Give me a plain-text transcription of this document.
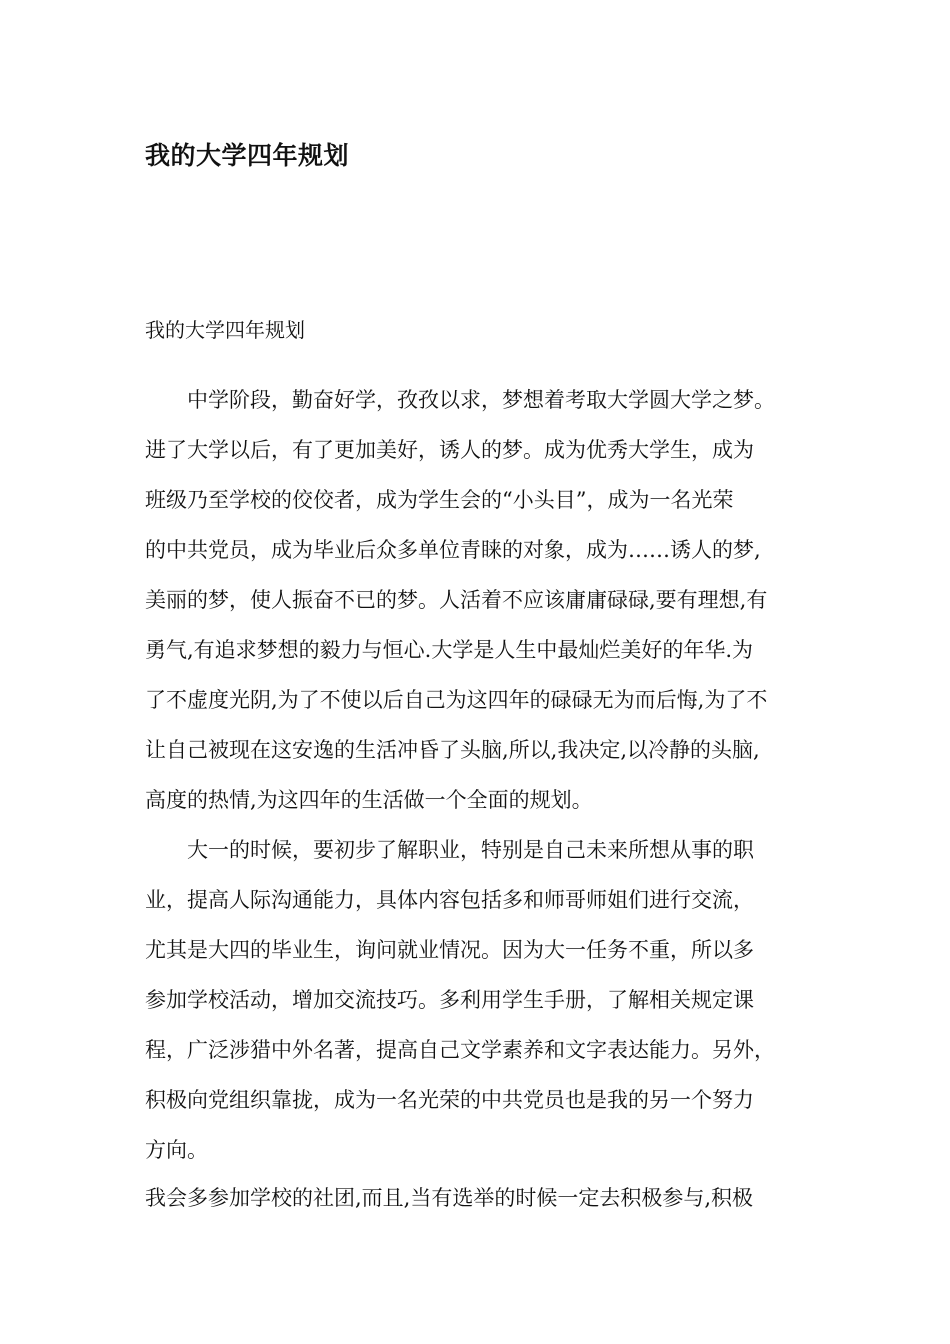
我的大学四年规划
我的大学四年规划
　　中学阶段，勤奋好学，孜孜以求，梦想着考取大学圆大学之梦。
进了大学以后，有了更加美好，诱人的梦。成为优秀大学生，成为
班级乃至学校的佼佼者，成为学生会的“小头目”，成为一名光荣
的中共党员，成为毕业后众多单位青睐的对象，成为……诱人的梦,
美丽的梦，使人振奋不已的梦。人活着不应该庸庸碌碌,要有理想,有
勇气,有追求梦想的毅力与恒心.大学是人生中最灿烂美好的年华.为
了不虚度光阴,为了不使以后自己为这四年的碌碌无为而后悔,为了不
让自己被现在这安逸的生活冲昏了头脑,所以,我决定,以冷静的头脑,
高度的热情,为这四年的生活做一个全面的规划。
　　大一的时候，要初步了解职业，特别是自己未来所想从事的职
业，提高人际沟通能力，具体内容包括多和师哥师姐们进行交流，
尤其是大四的毕业生，询问就业情况。因为大一任务不重，所以多
参加学校活动，增加交流技巧。多利用学生手册，了解相关规定课
程，广泛涉猎中外名著，提高自己文学素养和文字表达能力。另外，
积极向党组织靠拢，成为一名光荣的中共党员也是我的另一个努力
方向。
我会多参加学校的社团,而且,当有选举的时候一定去积极参与,积极
